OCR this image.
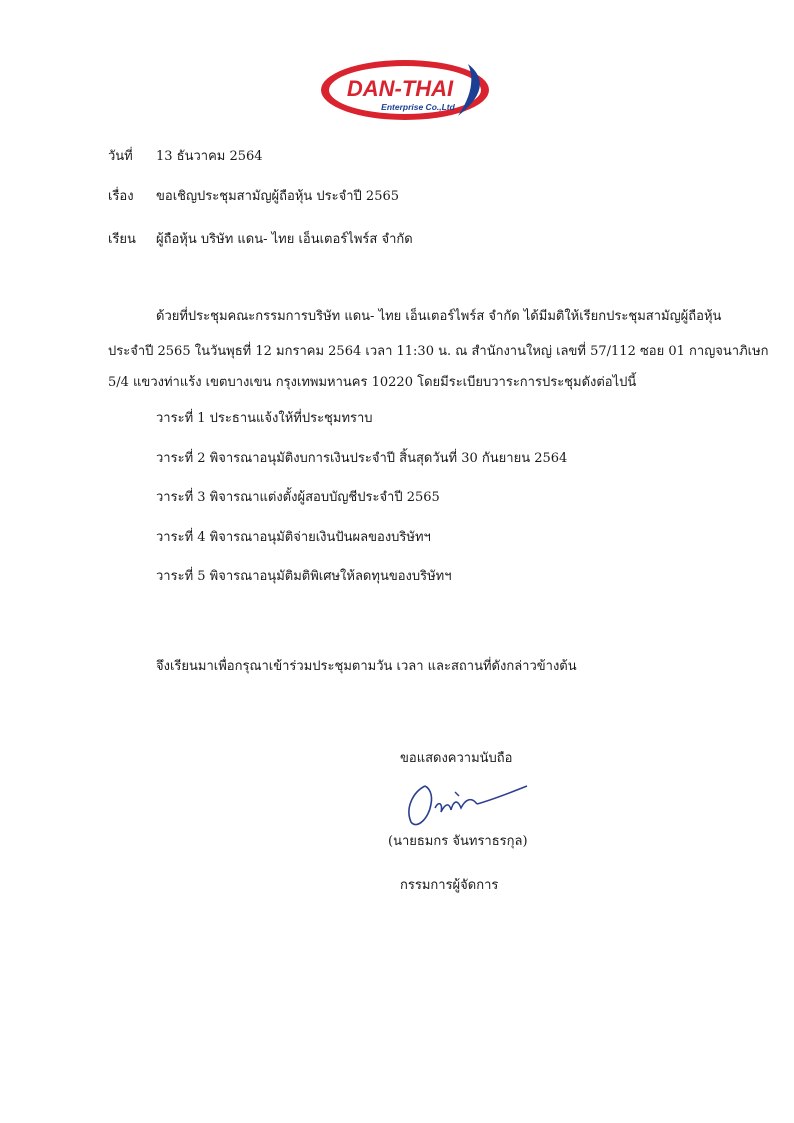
DAN-THAI
Enterprise Co.,Ltd
วันที่ 13 ธันวาคม 2564
เรื่อง ขอเชิญประชุมสามัญผู้ถือหุ้น ประจำปี 2565
เรียน ผู้ถือหุ้น บริษัท แดน- ไทย เอ็นเตอร์ไพร์ส จำกัด
ด้วยที่ประชุมคณะกรรมการบริษัท แดน- ไทย เอ็นเตอร์ไพร์ส จำกัด ได้มีมติให้เรียกประชุมสามัญผู้ถือหุ้น
ประจำปี 2565 ในวันพุธที่ 12 มกราคม 2564 เวลา 11:30 น. ณ สำนักงานใหญ่ เลขที่ 57/112 ซอย 01 กาญจนาภิเษก
5/4 แขวงท่าแร้ง เขตบางเขน กรุงเทพมหานคร 10220 โดยมีระเบียบวาระการประชุมดังต่อไปนี้
วาระที่ 1 ประธานแจ้งให้ที่ประชุมทราบ
วาระที่ 2 พิจารณาอนุมัติงบการเงินประจำปี สิ้นสุดวันที่ 30 กันยายน 2564
วาระที่ 3 พิจารณาแต่งตั้งผู้สอบบัญชีประจำปี 2565
วาระที่ 4 พิจารณาอนุมัติจ่ายเงินปันผลของบริษัทฯ
วาระที่ 5 พิจารณาอนุมัติมติพิเศษให้ลดทุนของบริษัทฯ
จึงเรียนมาเพื่อกรุณาเข้าร่วมประชุมตามวัน เวลา และสถานที่ดังกล่าวข้างต้น
ขอแสดงความนับถือ
(นายธมกร จันทราธรกุล)
กรรมการผู้จัดการ
